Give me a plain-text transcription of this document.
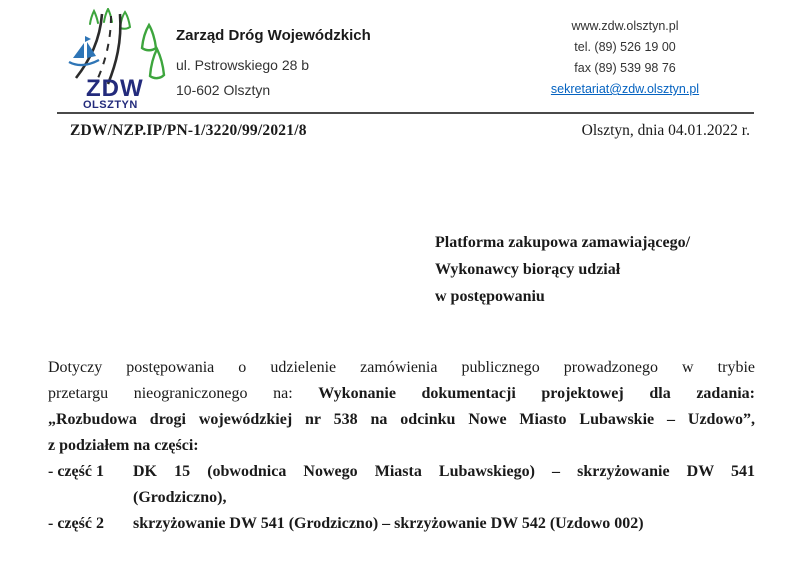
ZDW
OLSZTYN
Zarząd Dróg Wojewódzkich
ul. Pstrowskiego 28 b
10-602 Olsztyn
www.zdw.olsztyn.pl
tel. (89) 526 19 00
fax (89) 539 98 76
sekretariat@zdw.olsztyn.pl
ZDW/NZP.IP/PN-1/3220/99/2021/8	Olsztyn, dnia 04.01.2022 r.
Platforma zakupowa zamawiającego/
Wykonawcy biorący udział
w postępowaniu
Dotyczy postępowania o udzielenie zamówienia publicznego prowadzonego w trybie
przetargu nieograniczonego na: Wykonanie dokumentacji projektowej dla zadania:
„Rozbudowa drogi wojewódzkiej nr 538 na odcinku Nowe Miasto Lubawskie – Uzdowo”,
z podziałem na części:
- część 1	DK 15 (obwodnica Nowego Miasta Lubawskiego) – skrzyżowanie DW 541
(Grodziczno),
- część 2	skrzyżowanie DW 541 (Grodziczno) – skrzyżowanie DW 542 (Uzdowo 002)
